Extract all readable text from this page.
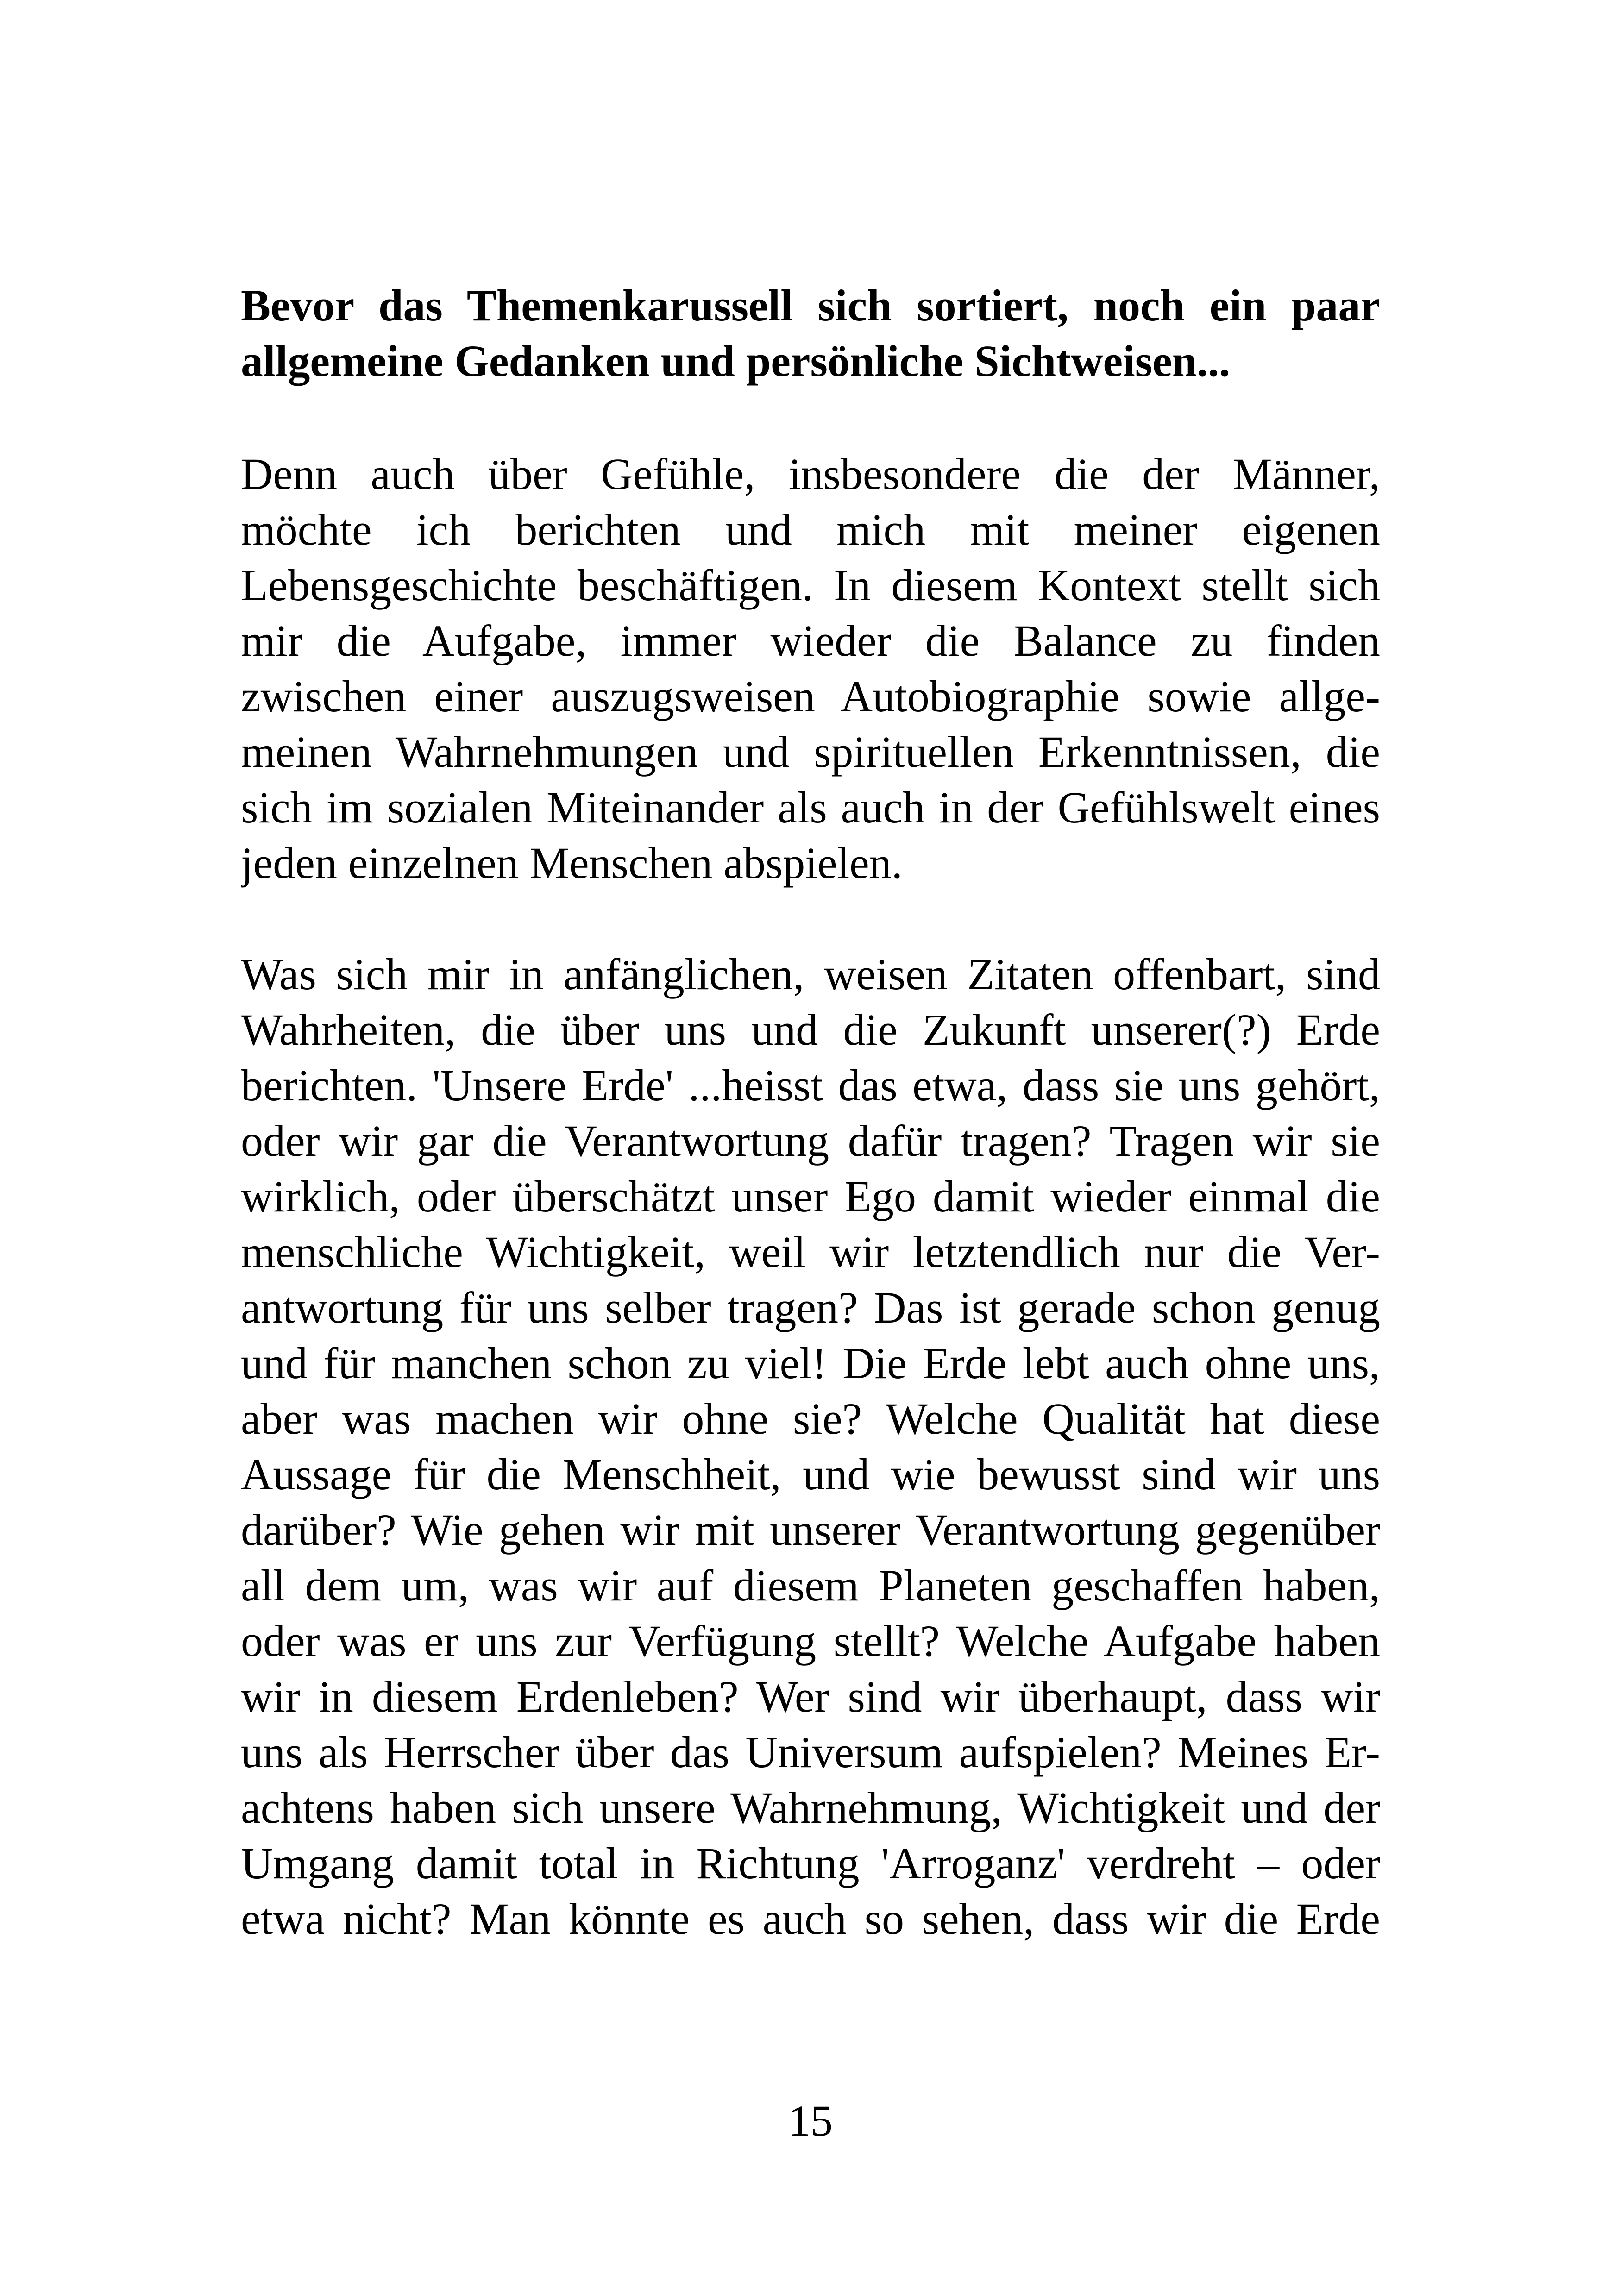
Bevor das Themenkarussell sich sortiert, noch ein paar
allgemeine Gedanken und persönliche Sichtweisen...
Denn auch über Gefühle, insbesondere die der Männer,
möchte ich berichten und mich mit meiner eigenen
Lebensgeschichte beschäftigen. In diesem Kontext stellt sich
mir die Aufgabe, immer wieder die Balance zu finden
zwischen einer auszugsweisen Autobiographie sowie allge-
meinen Wahrnehmungen und spirituellen Erkenntnissen, die
sich im sozialen Miteinander als auch in der Gefühlswelt eines
jeden einzelnen Menschen abspielen.
Was sich mir in anfänglichen, weisen Zitaten offenbart, sind
Wahrheiten, die über uns und die Zukunft unserer(?) Erde
berichten. 'Unsere Erde' ...heisst das etwa, dass sie uns gehört,
oder wir gar die Verantwortung dafür tragen? Tragen wir sie
wirklich, oder überschätzt unser Ego damit wieder einmal die
menschliche Wichtigkeit, weil wir letztendlich nur die Ver-
antwortung für uns selber tragen? Das ist gerade schon genug
und für manchen schon zu viel! Die Erde lebt auch ohne uns,
aber was machen wir ohne sie? Welche Qualität hat diese
Aussage für die Menschheit, und wie bewusst sind wir uns
darüber? Wie gehen wir mit unserer Verantwortung gegenüber
all dem um, was wir auf diesem Planeten geschaffen haben,
oder was er uns zur Verfügung stellt? Welche Aufgabe haben
wir in diesem Erdenleben? Wer sind wir überhaupt, dass wir
uns als Herrscher über das Universum aufspielen? Meines Er-
achtens haben sich unsere Wahrnehmung, Wichtigkeit und der
Umgang damit total in Richtung 'Arroganz' verdreht – oder
etwa nicht? Man könnte es auch so sehen, dass wir die Erde
15
